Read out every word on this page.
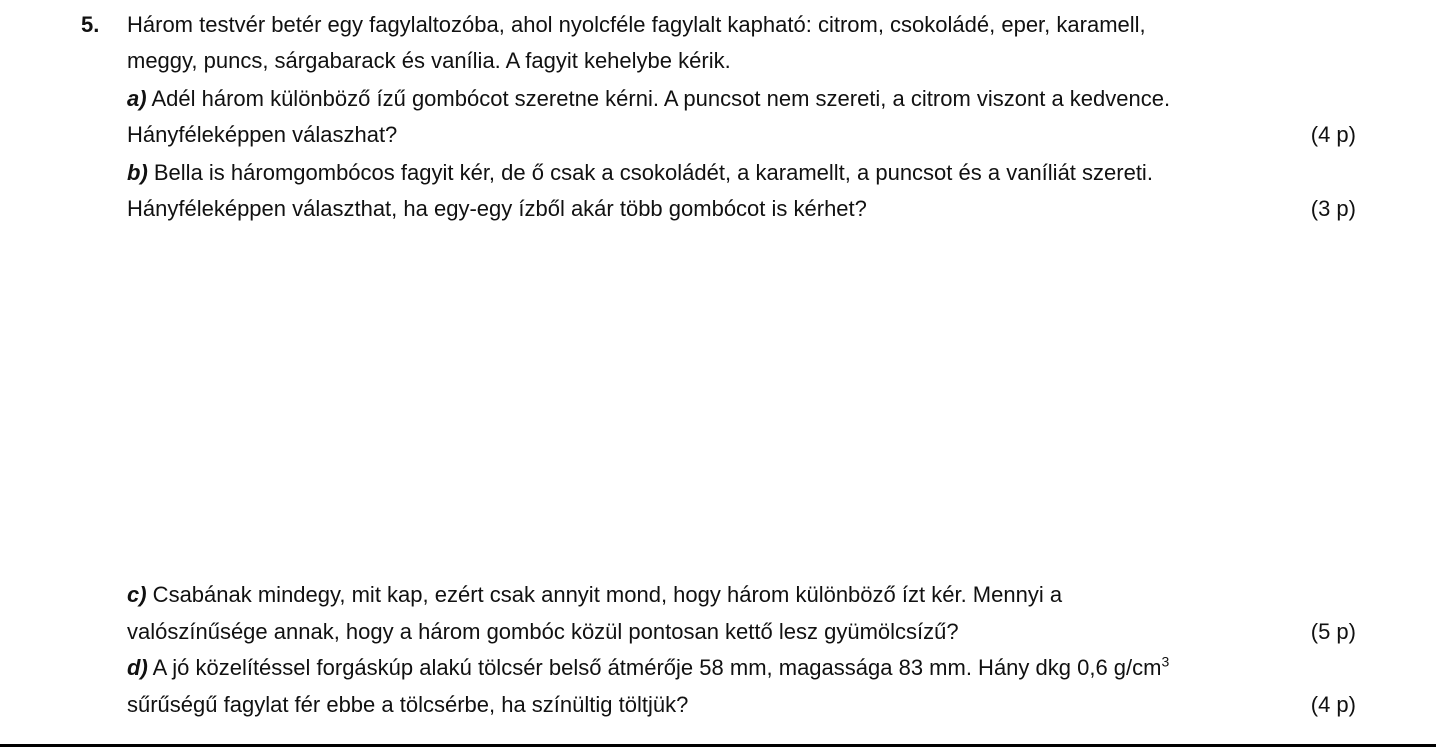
5. Három testvér betér egy fagylaltozóba, ahol nyolcféle fagylalt kapható: citrom, csokoládé, eper, karamell,
meggy, puncs, sárgabarack és vanília. A fagyit kehelybe kérik.
a) Adél három különböző ízű gombócot szeretne kérni. A puncsot nem szereti, a citrom viszont a kedvence.
Hányféleképpen válaszhat?	(4 p)
b) Bella is háromgombócos fagyit kér, de ő csak a csokoládét, a karamellt, a puncsot és a vaníliát szereti.
Hányféleképpen választhat, ha egy-egy ízből akár több gombócot is kérhet?	(3 p)
c) Csabának mindegy, mit kap, ezért csak annyit mond, hogy három különböző ízt kér. Mennyi a
valószínűsége annak, hogy a három gombóc közül pontosan kettő lesz gyümölcsízű?	(5 p)
d) A jó közelítéssel forgáskúp alakú tölcsér belső átmérője 58 mm, magassága 83 mm. Hány dkg 0,6 $g/cm^3$
sűrűségű fagylat fér ebbe a tölcsérbe, ha színültig töltjük?	(4 p)
